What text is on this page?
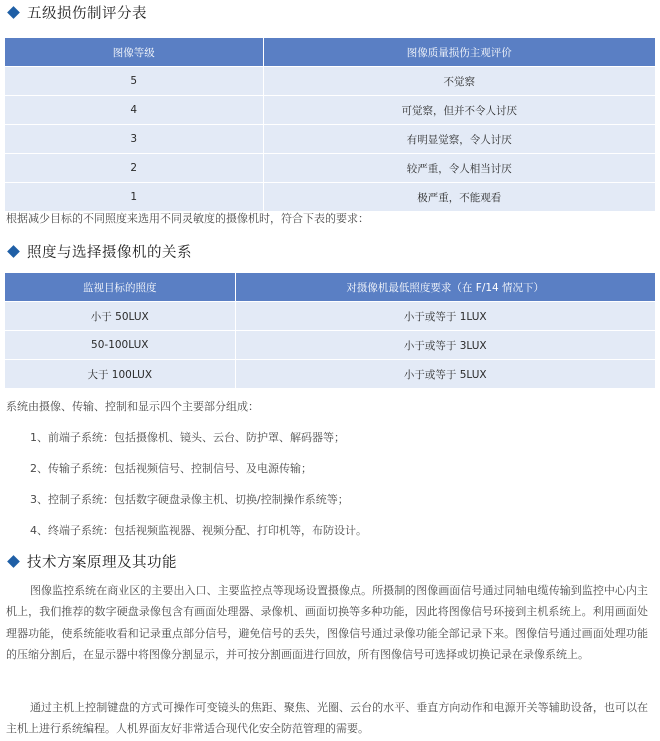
五级损伤制评分表
图像等级	图像质量损伤主观评价
5	不觉察
4	可觉察，但并不令人讨厌
3	有明显觉察，令人讨厌
2	较严重，令人相当讨厌
1	极严重，不能观看
根据减少目标的不同照度来选用不同灵敏度的摄像机时，符合下表的要求：
照度与选择摄像机的关系
监视目标的照度	对摄像机最低照度要求（在 F/14 情况下）
小于 50LUX	小于或等于 1LUX
50-100LUX	小于或等于 3LUX
大于 100LUX	小于或等于 5LUX
系统由摄像、传输、控制和显示四个主要部分组成：
1、前端子系统：包括摄像机、镜头、云台、防护罩、解码器等；
2、传输子系统：包括视频信号、控制信号、及电源传输；
3、控制子系统：包括数字硬盘录像主机、切换/控制操作系统等；
4、终端子系统：包括视频监视器、视频分配、打印机等，布防设计。
技术方案原理及其功能

图像监控系统在商业区的主要出入口、主要监控点等现场设置摄像点。所摄制的图像画面信号通过同轴电缆传输到监控中心内主机上，我们推荐的数字硬盘录像包含有画面处理器、录像机、画面切换等多种功能，因此将图像信号环接到主机系统上。利用画面处理器功能，使系统能收看和记录重点部分信号，避免信号的丢失，图像信号通过录像功能全部记录下来。图像信号通过画面处理功能的压缩分割后，在显示器中将图像分割显示，并可按分割画面进行回放，所有图像信号可选择或切换记录在录像系统上。

通过主机上控制键盘的方式可操作可变镜头的焦距、聚焦、光圈、云台的水平、垂直方向动作和电源开关等辅助设备，也可以在主机上进行系统编程。人机界面友好非常适合现代化安全防范管理的需要。
